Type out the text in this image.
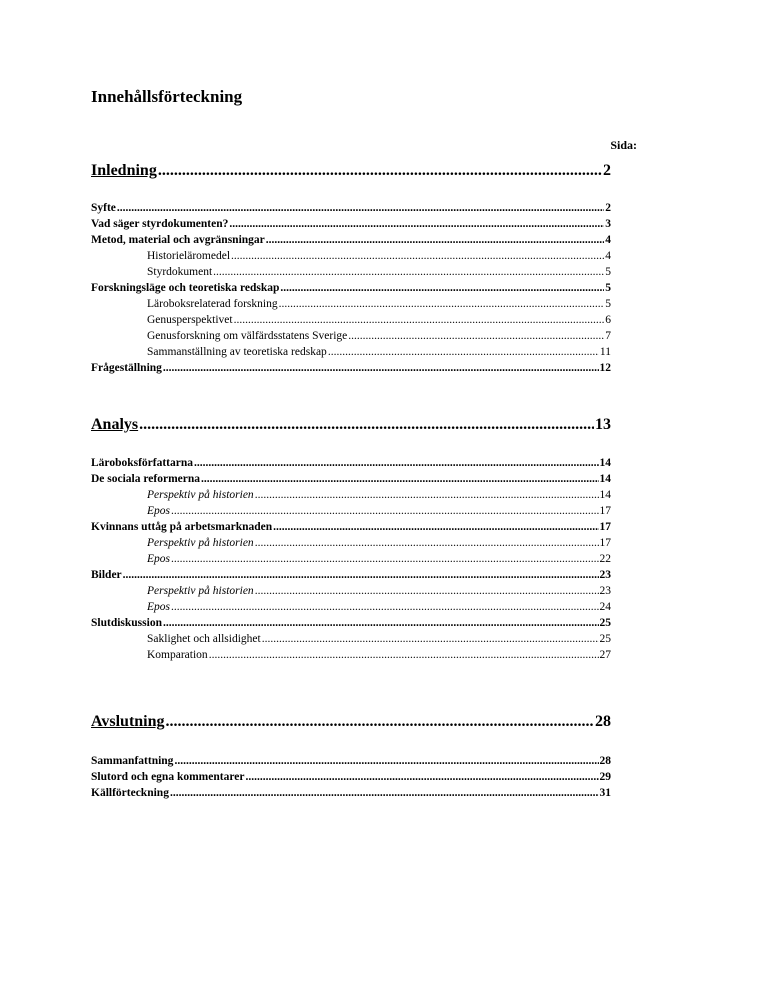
Innehållsförteckning
Sida:
Inledning .....	2
Syfte .....	2
Vad säger styrdokumenten? .....	3
Metod, material och avgränsningar .....	4
Historieläromedel .....	4
Styrdokument .....	5
Forskningsläge och teoretiska redskap .....	5
Läroboksrelaterad forskning .....	5
Genusperspektivet .....	6
Genusforskning om välfärdsstatens Sverige .....	7
Sammanställning av teoretiska redskap .....	11
Frågeställning .....	12
Analys .....	13
Läroboksförfattarna .....	14
De sociala reformerna .....	14
Perspektiv på historien .....	14
Epos .....	17
Kvinnans uttåg på arbetsmarknaden .....	17
Perspektiv på historien .....	17
Epos .....	22
Bilder .....	23
Perspektiv på historien .....	23
Epos .....	24
Slutdiskussion .....	25
Saklighet och allsidighet .....	25
Komparation .....	27
Avslutning .....	28
Sammanfattning .....	28
Slutord och egna kommentarer .....	29
Källförteckning .....	31
